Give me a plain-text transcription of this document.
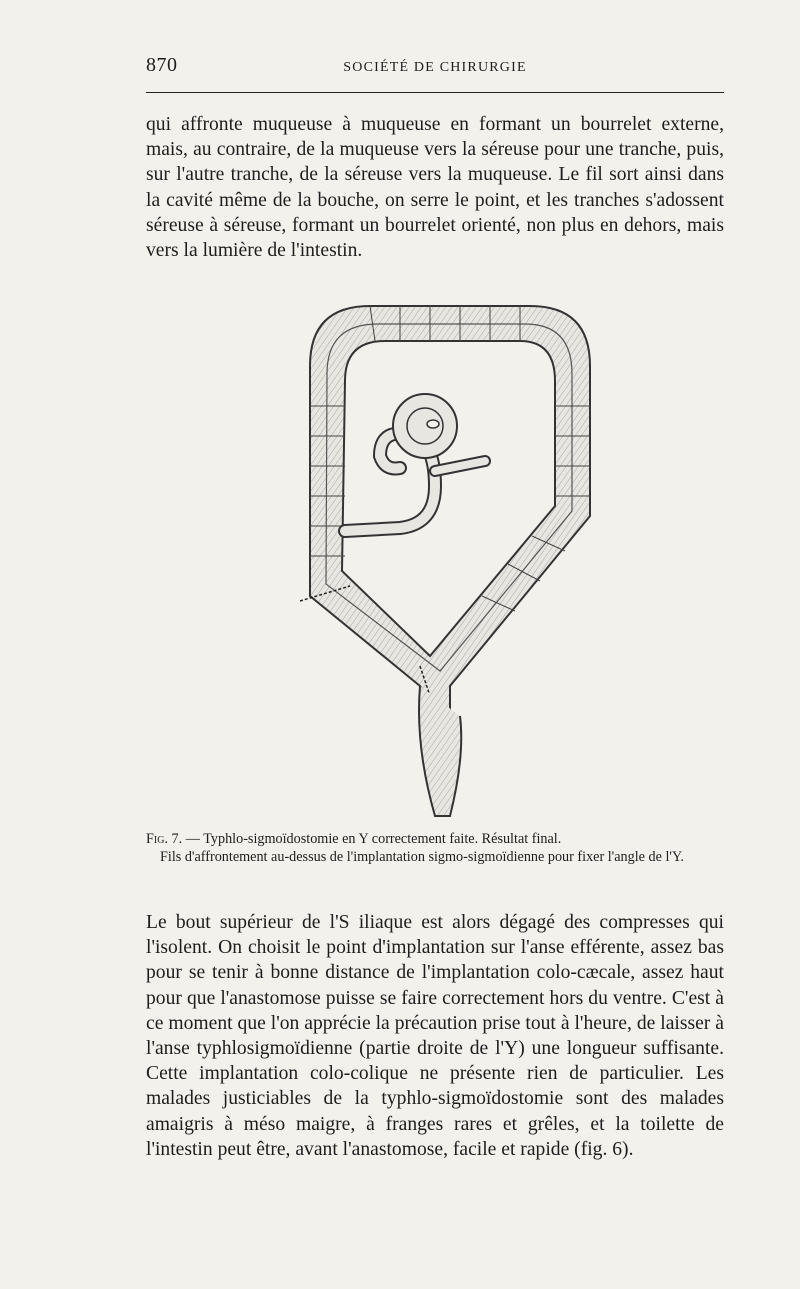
870	SOCIÉTÉ DE CHIRURGIE

qui affronte muqueuse à muqueuse en formant un bourrelet externe, mais, au contraire, de la muqueuse vers la séreuse pour une tranche, puis, sur l'autre tranche, de la séreuse vers la muqueuse. Le fil sort ainsi dans la cavité même de la bouche, on serre le point, et les tranches s'adossent séreuse à séreuse, formant un bourrelet orienté, non plus en dehors, mais vers la lumière de l'intestin.

Fig. 7. — Typhlo-sigmoïdostomie en Y correctement faite. Résultat final.
Fils d'affrontement au-dessus de l'implantation sigmo-sigmoïdienne pour fixer l'angle de l'Y.

Le bout supérieur de l'S iliaque est alors dégagé des compresses qui l'isolent. On choisit le point d'implantation sur l'anse efférente, assez bas pour se tenir à bonne distance de l'implantation colo-cæcale, assez haut pour que l'anastomose puisse se faire correctement hors du ventre. C'est à ce moment que l'on apprécie la précaution prise tout à l'heure, de laisser à l'anse typhlosigmoïdienne (partie droite de l'Y) une longueur suffisante. Cette implantation colo-colique ne présente rien de particulier. Les malades justiciables de la typhlo-sigmoïdostomie sont des malades amaigris à méso maigre, à franges rares et grêles, et la toilette de l'intestin peut être, avant l'anastomose, facile et rapide (fig. 6).
